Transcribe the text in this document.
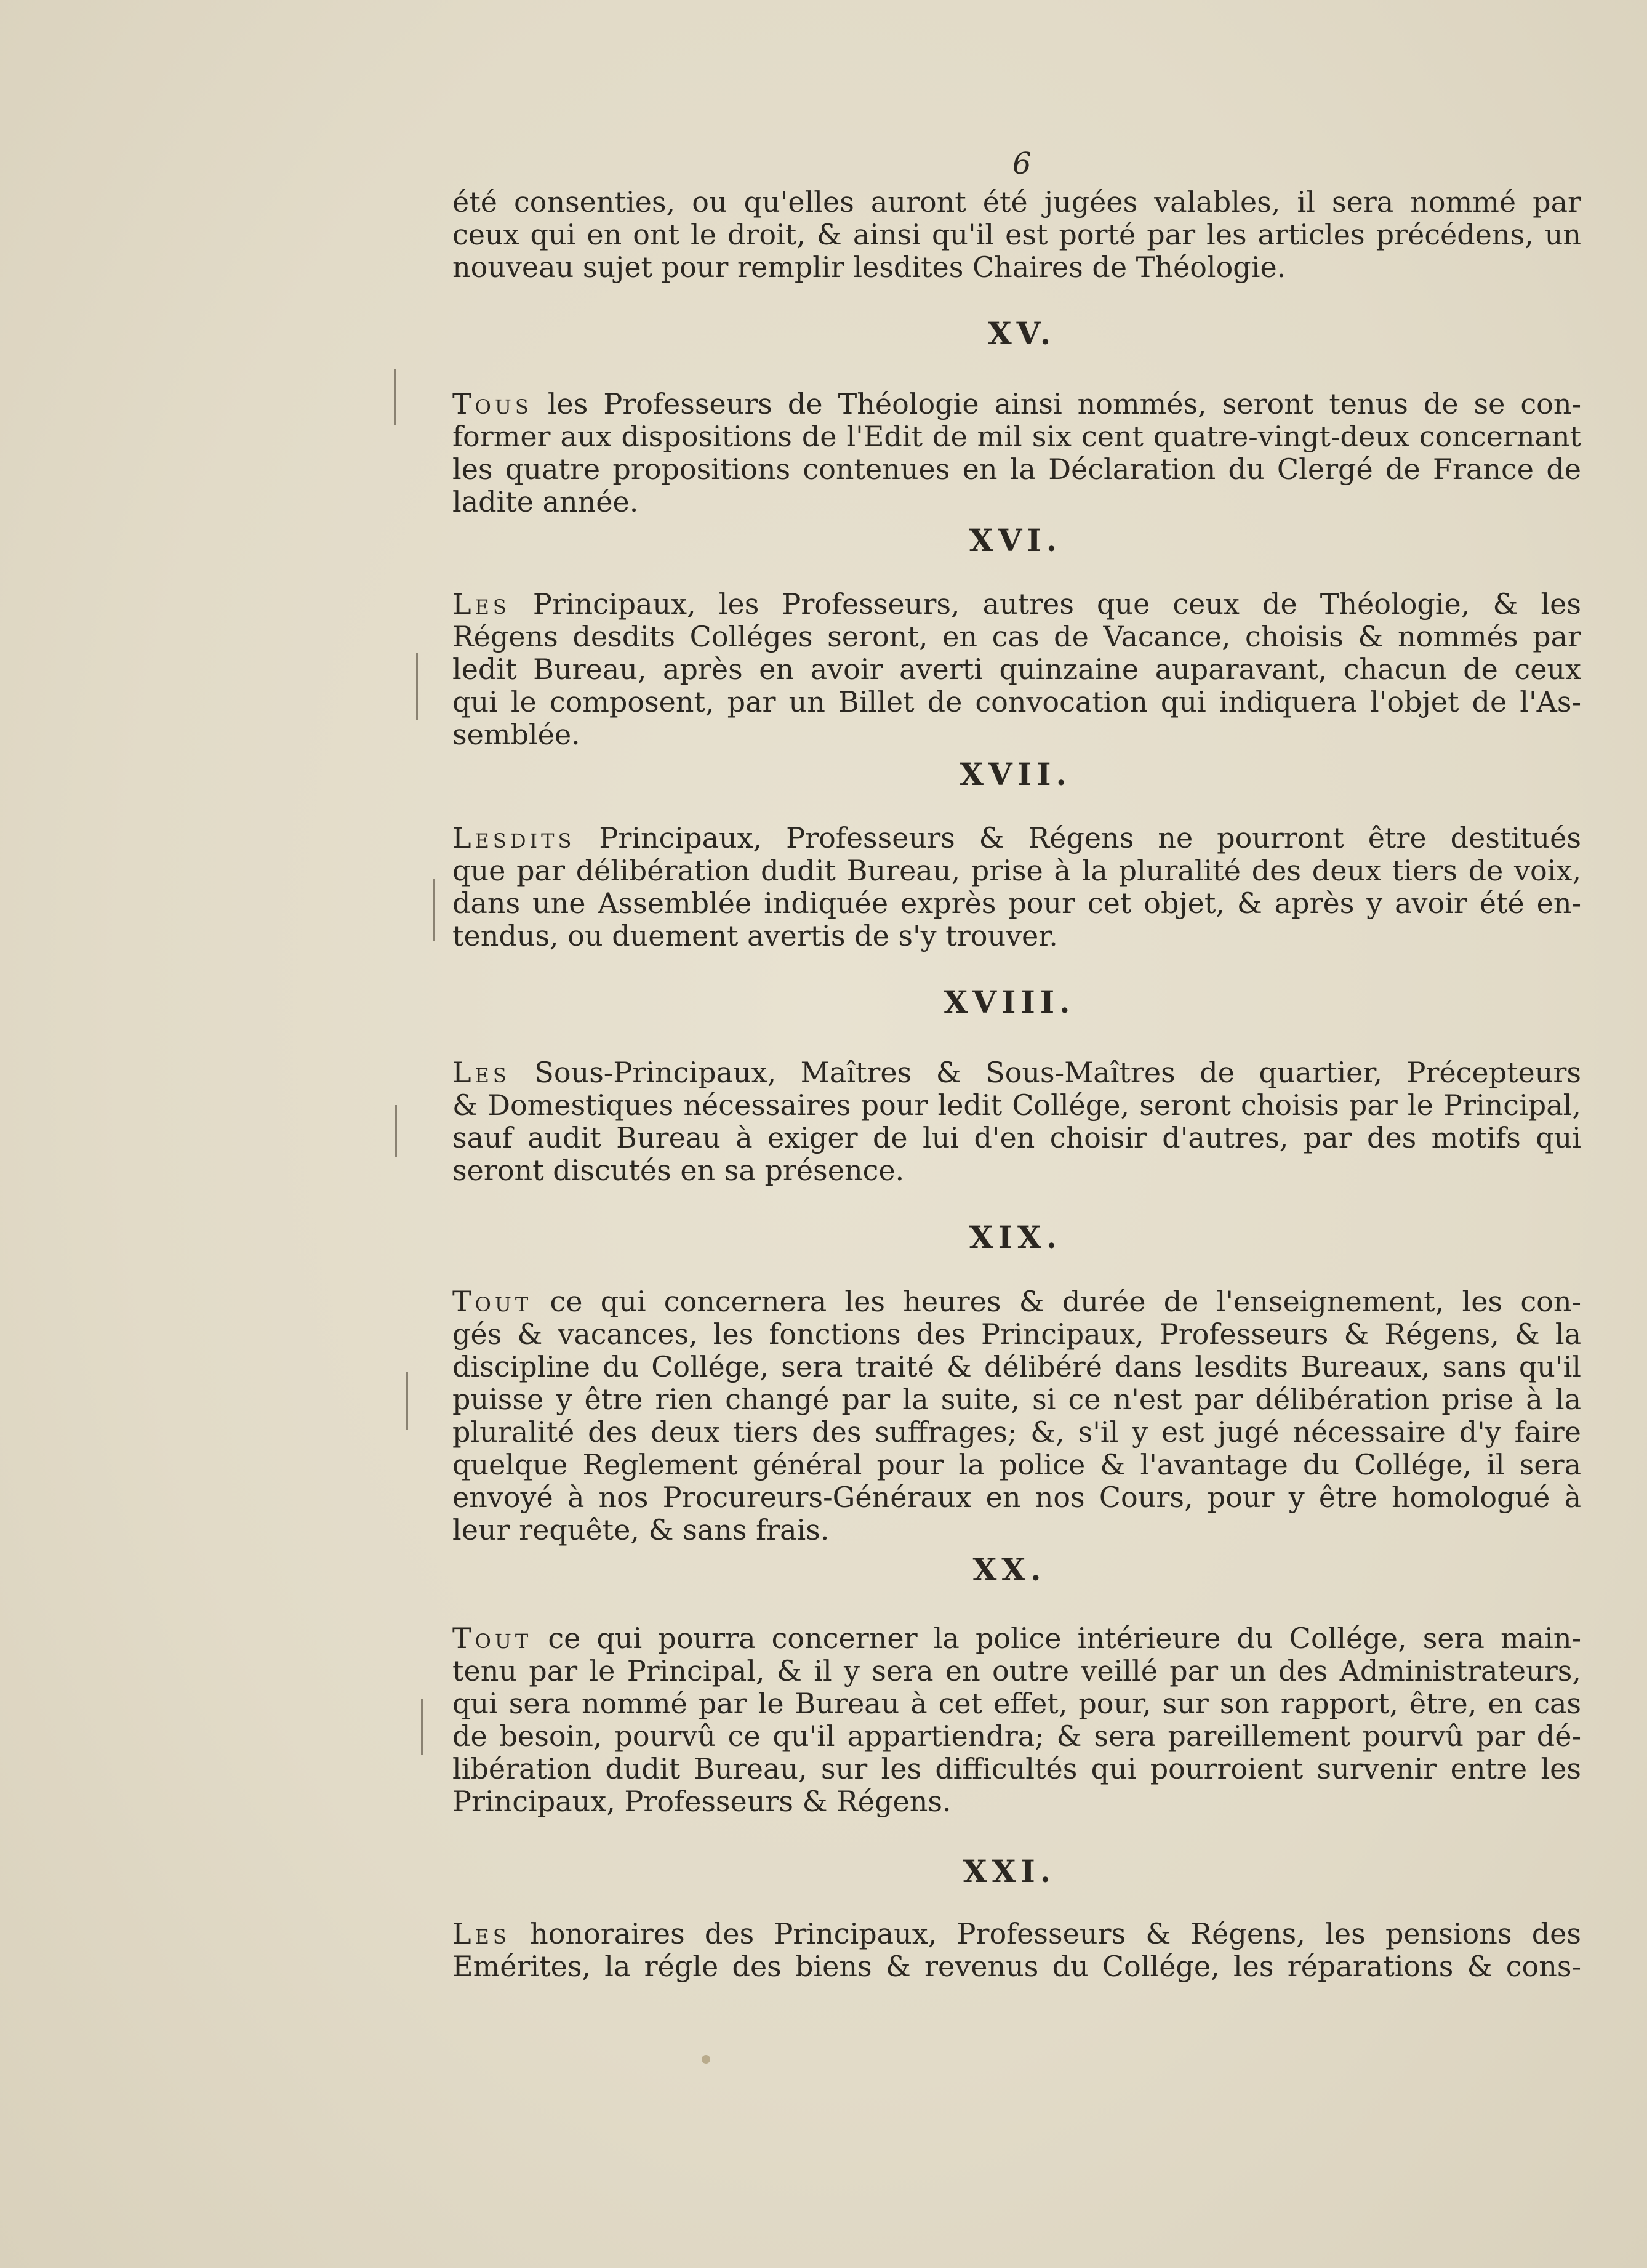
6
été consenties, ou qu'elles auront été jugées valables, il sera nommé par
ceux qui en ont le droit, & ainsi qu'il est porté par les articles précédens, un
nouveau sujet pour remplir lesdites Chaires de Théologie.
XV.
Tous les Professeurs de Théologie ainsi nommés, seront tenus de se con-
former aux dispositions de l'Edit de mil six cent quatre-vingt-deux concernant
les quatre propositions contenues en la Déclaration du Clergé de France de
ladite année.
XVI.
Les Principaux, les Professeurs, autres que ceux de Théologie, & les
Régens desdits Colléges seront, en cas de Vacance, choisis & nommés par
ledit Bureau, après en avoir averti quinzaine auparavant, chacun de ceux
qui le composent, par un Billet de convocation qui indiquera l'objet de l'As-
semblée.
XVII.
Lesdits Principaux, Professeurs & Régens ne pourront être destitués
que par délibération dudit Bureau, prise à la pluralité des deux tiers de voix,
dans une Assemblée indiquée exprès pour cet objet, & après y avoir été en-
tendus, ou duement avertis de s'y trouver.
XVIII.
Les Sous-Principaux, Maîtres & Sous-Maîtres de quartier, Précepteurs
& Domestiques nécessaires pour ledit Collége, seront choisis par le Principal,
sauf audit Bureau à exiger de lui d'en choisir d'autres, par des motifs qui
seront discutés en sa présence.
XIX.
Tout ce qui concernera les heures & durée de l'enseignement, les con-
gés & vacances, les fonctions des Principaux, Professeurs & Régens, & la
discipline du Collége, sera traité & délibéré dans lesdits Bureaux, sans qu'il
puisse y être rien changé par la suite, si ce n'est par délibération prise à la
pluralité des deux tiers des suffrages; &, s'il y est jugé nécessaire d'y faire
quelque Reglement général pour la police & l'avantage du Collége, il sera
envoyé à nos Procureurs-Généraux en nos Cours, pour y être homologué à
leur requête, & sans frais.
XX.
Tout ce qui pourra concerner la police intérieure du Collége, sera main-
tenu par le Principal, & il y sera en outre veillé par un des Administrateurs,
qui sera nommé par le Bureau à cet effet, pour, sur son rapport, être, en cas
de besoin, pourvû ce qu'il appartiendra; & sera pareillement pourvû par dé-
libération dudit Bureau, sur les difficultés qui pourroient survenir entre les
Principaux, Professeurs & Régens.
XXI.
Les honoraires des Principaux, Professeurs & Régens, les pensions des
Emérites, la régle des biens & revenus du Collége, les réparations & cons-
